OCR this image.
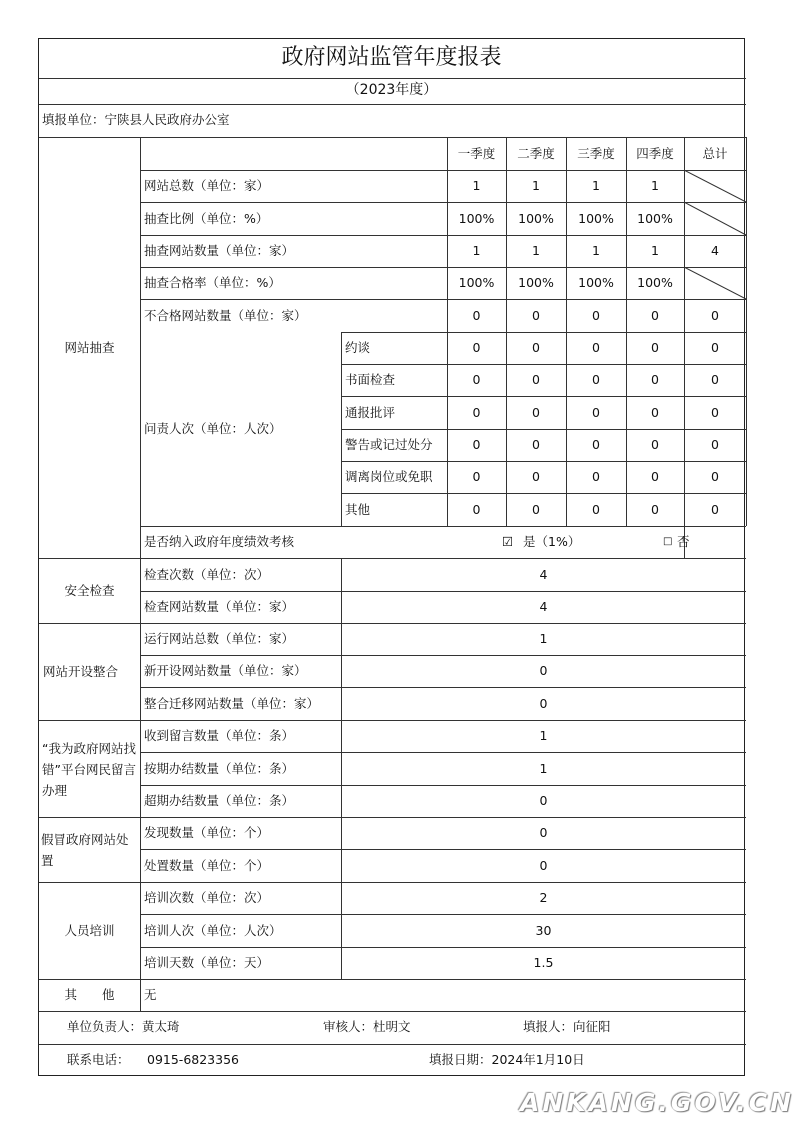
政府网站监管年度报表
（2023年度）
填报单位：宁陕县人民政府办公室
一季度	二季度	三季度	四季度	总计
网站抽查
网站总数（单位：家）	1	1	1	1
抽查比例（单位：%）	100%	100%	100%	100%
抽查网站数量（单位：家）	1	1	1	1	4
抽查合格率（单位：%）	100%	100%	100%	100%
不合格网站数量（单位：家）	0	0	0	0	0
问责人次（单位：人次）
约谈	0	0	0	0	0
书面检查	0	0	0	0	0
通报批评	0	0	0	0	0
警告或记过处分	0	0	0	0	0
调离岗位或免职	0	0	0	0	0
其他	0	0	0	0	0
是否纳入政府年度绩效考核	☑ 是（1%）	□ 否
安全检查
检查次数（单位：次）	4
检查网站数量（单位：家）	4
网站开设整合
运行网站总数（单位：家）	1
新开设网站数量（单位：家）	0
整合迁移网站数量（单位：家）	0
“我为政府网站找错”平台网民留言办理
收到留言数量（单位：条）	1
按期办结数量（单位：条）	1
超期办结数量（单位：条）	0
假冒政府网站处置
发现数量（单位：个）	0
处置数量（单位：个）	0
人员培训
培训次数（单位：次）	2
培训人次（单位：人次）	30
培训天数（单位：天）	1.5
其　　他	无
单位负责人：黄太琦	审核人：杜明文	填报人：向征阳
联系电话： 0915-6823356	填报日期：2024年1月10日
ANKANG.GOV.CN
